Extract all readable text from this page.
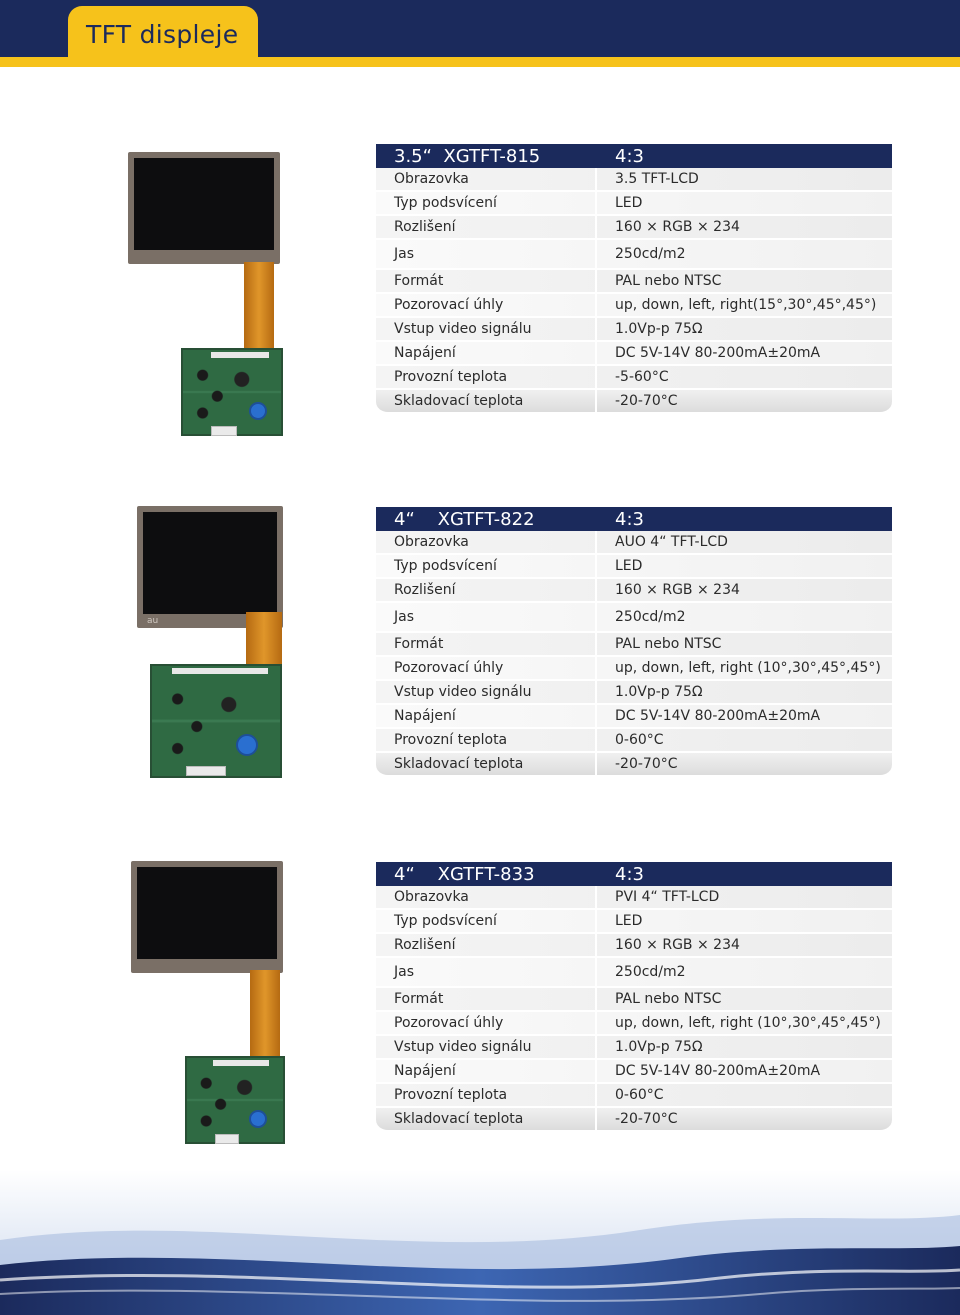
TFT displeje
3.5“  XGTFT-815	4:3
Obrazovka	3.5 TFT-LCD
Typ podsvícení	LED
Rozlišení	160 × RGB × 234
Jas	250cd/m2
Formát	PAL nebo NTSC
Pozorovací úhly	up, down, left, right(15°,30°,45°,45°)
Vstup video signálu	1.0Vp-p 75Ω
Napájení	DC 5V-14V 80-200mA±20mA
Provozní teplota	-5-60°C
Skladovací teplota	-20-70°C
au
4“    XGTFT-822	4:3
Obrazovka	AUO 4“ TFT-LCD
Typ podsvícení	LED
Rozlišení	160 × RGB × 234
Jas	250cd/m2
Formát	PAL nebo NTSC
Pozorovací úhly	up, down, left, right (10°,30°,45°,45°)
Vstup video signálu	1.0Vp-p 75Ω
Napájení	DC 5V-14V 80-200mA±20mA
Provozní teplota	0-60°C
Skladovací teplota	-20-70°C
4“    XGTFT-833	4:3
Obrazovka	PVI 4“ TFT-LCD
Typ podsvícení	LED
Rozlišení	160 × RGB × 234
Jas	250cd/m2
Formát	PAL nebo NTSC
Pozorovací úhly	up, down, left, right (10°,30°,45°,45°)
Vstup video signálu	1.0Vp-p 75Ω
Napájení	DC 5V-14V 80-200mA±20mA
Provozní teplota	0-60°C
Skladovací teplota	-20-70°C
